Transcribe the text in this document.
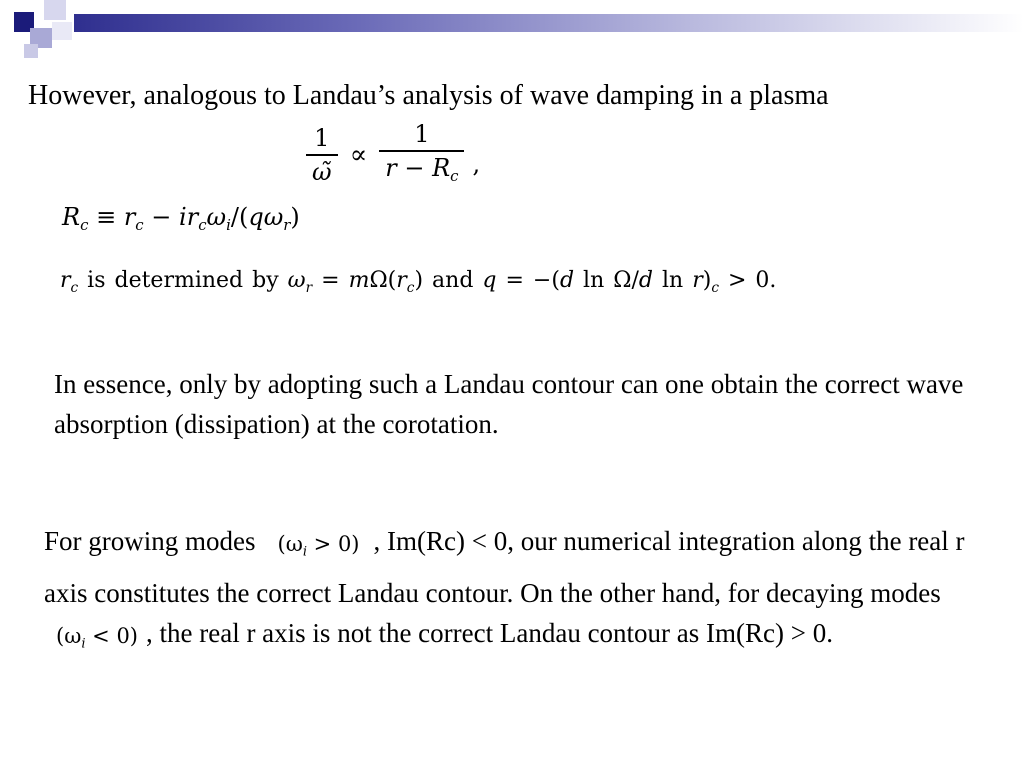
However, analogous to Landau’s analysis of wave damping in a plasma
$\frac{1}{\omegã} \propto \frac{1}{r - R_c}$ ,
$R_c \equiv r_c - ir_c\omega_i/(q\omega_r)$
$r_c$ is determined by $\omega_r = m\Omega(r_c)$ and q = −(d ln Ω/d $\ln r)_c > 0$.
In essence, only by adopting such a Landau contour can one obtain the correct wave absorption (dissipation) at the corotation.
For growing modes $(\omega_i > 0)$ , Im(Rc) < 0, our numerical integration along the real r axis constitutes the correct Landau contour. On the other hand, for decaying $modes(\omega_i < 0)$ , the real r axis is not the correct Landau contour as Im(Rc) > 0.
